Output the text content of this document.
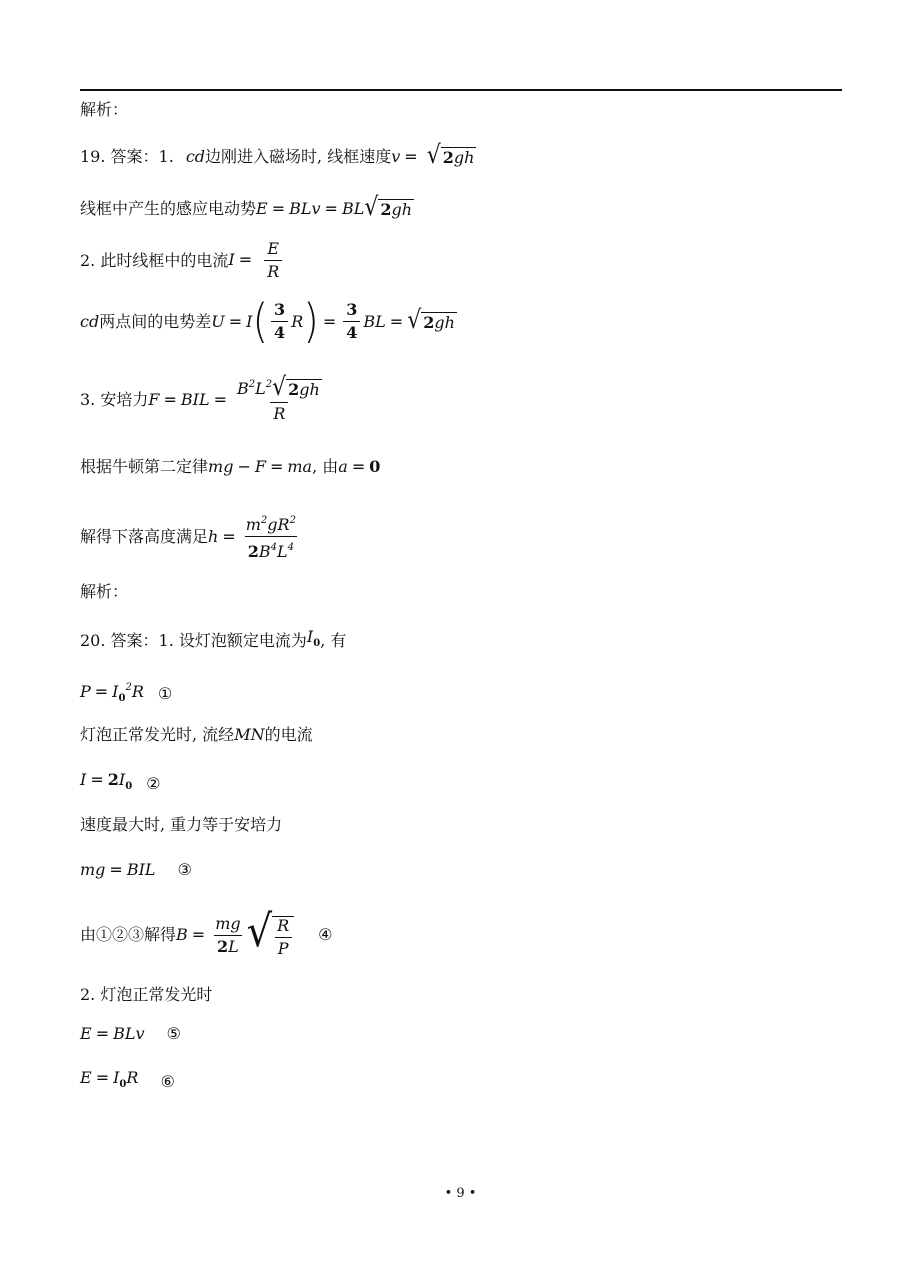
解析：
19. 答案：1. cd 边刚进入磁场时, 线框速度 v = √ 2gh
线框中产生的感应电动势 E = BLv = BL √ 2gh
2. 此时线框中的电流 $I = \frac{E}{R}$
cd 两点间的电势差 U = I ( $\frac{3}{4}$ R ) = $\frac{3}{4}$ BL = √ 2gh
3. 安培力 F = BIL = $\frac{B^2L^2 √ 2gh}{R}$
根据牛顿第二定律 mg − F = ma , 由 a = 0
解得下落高度满足 $h = \frac{m^2gR^2}{2B^4L^4}$
解析：
20. 答案：1. 设灯泡额定电流为 $I_0$ , 有
$P = I_0^2R$ ①
灯泡正常发光时, 流经 MN 的电流
$I = 2I_0$ ②
速度最大时, 重力等于安培力
mg = BIL ③
由①②③解得 $B = \frac{mg}{2L}$ √ $\frac{R}{P}$ ④
2. 灯泡正常发光时
E = BLv ⑤
$E = I_0R$ ⑥
• 9 •
